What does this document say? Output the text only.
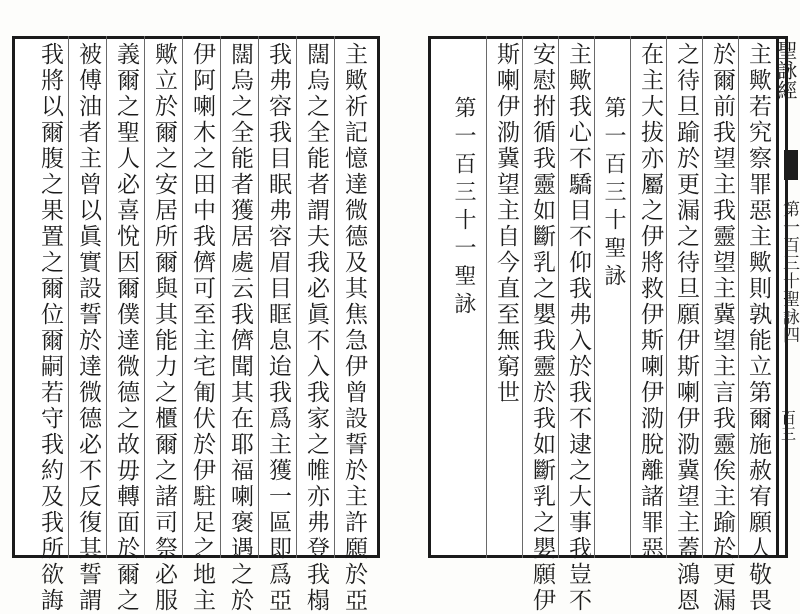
主歟祈記憶達微德及其焦急伊曾設誓於主許願於亞
闊烏之全能者謂夫我必眞不入我家之帷亦弗登我榻
我弗容我目眠弗容眉目眶息迨我爲主獲一區即爲亞
闊烏之全能者獲居處云我儕聞其在耶福喇褒遇之於
伊阿喇木之田中我儕可至主宅匍伏於伊駐足之地主
歟立於爾之安居所爾與其能力之櫃爾之諸司祭必服
義爾之聖人必喜悅因爾僕達微德之故毋轉面於爾之
被傅油者主曾以眞實設誓於達微德必不反復其誓謂
我將以爾腹之果置之爾位爾嗣若守我約及我所欲誨	主歟若究察罪惡主歟則孰能立第爾施赦宥願人敬畏
於爾前我望主我靈望主冀望主言我靈俟主踰於更漏
之待旦踰於更漏之待旦願伊斯喇伊泐冀望主蓋鴻恩
在主大拔亦屬之伊將救伊斯喇伊泐脫離諸罪惡
第一百三十聖詠
主歟我心不驕目不仰我弗入於我不逮之大事我豈不
安慰拊循我靈如斷乳之嬰我靈於我如斷乳之嬰願伊
斯喇伊泐冀望主自今直至無窮世
第一百三十一聖詠
聖詠經
第一百三十聖詠四
百三
